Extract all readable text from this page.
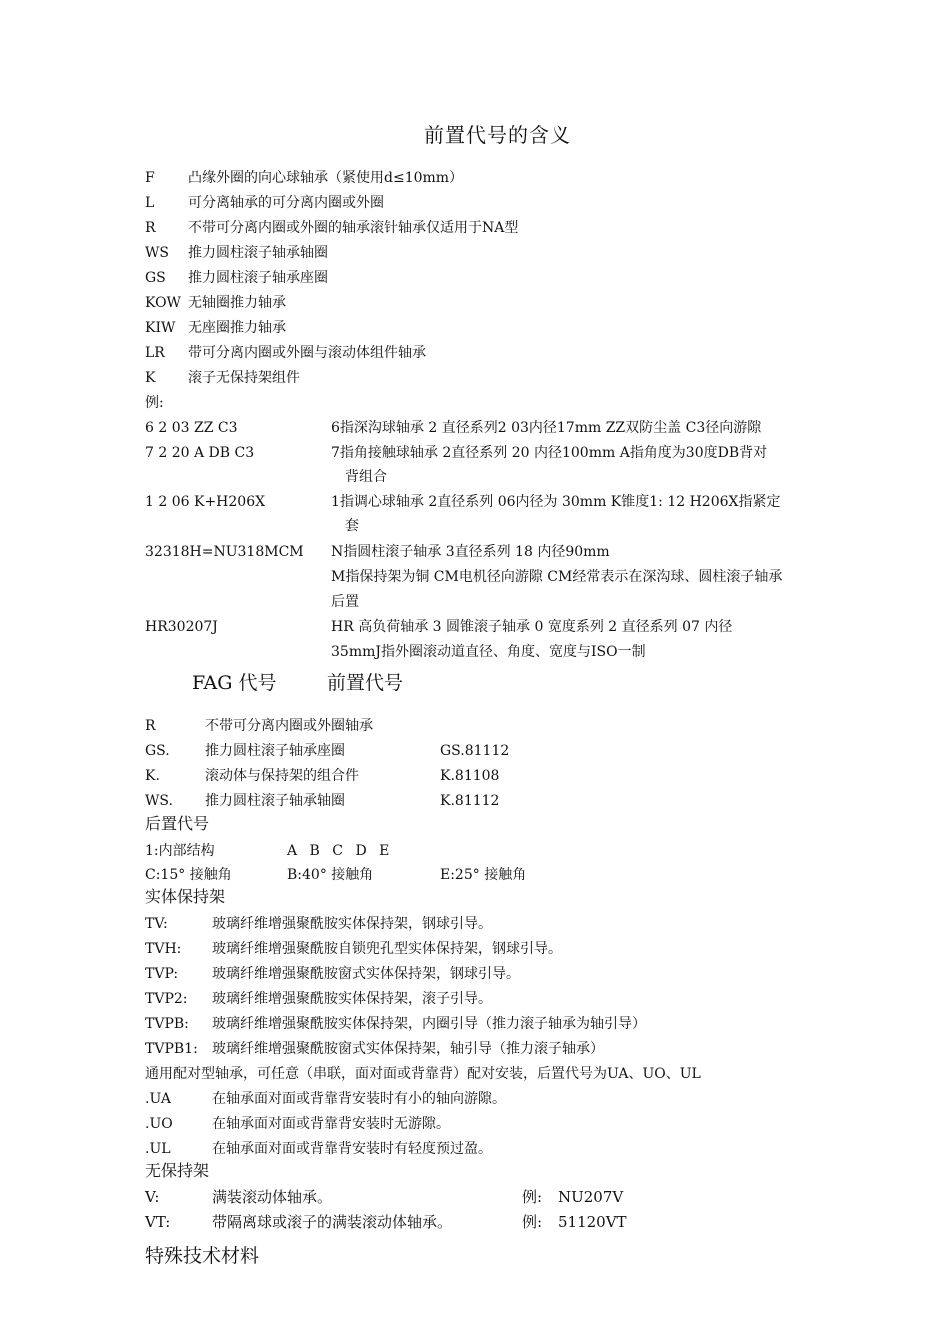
前置代号的含义
F 凸缘外圈的向心球轴承（紧使用d≤10mm）
L 可分离轴承的可分离内圈或外圈
R 不带可分离内圈或外圈的轴承滚针轴承仅适用于NA型
WS 推力圆柱滚子轴承轴圈
GS 推力圆柱滚子轴承座圈
KOW 无轴圈推力轴承
KIW 无座圈推力轴承
LR 带可分离内圈或外圈与滚动体组件轴承
K 滚子无保持架组件
例:
6 2 03 ZZ C3	6指深沟球轴承 2 直径系列2 03内径17mm ZZ双防尘盖 C3径向游隙
7 2 20 A DB C3	7指角接触球轴承 2直径系列 20 内径100mm A指角度为30度DB背对
背组合
1 2 06 K+H206X	1指调心球轴承 2直径系列 06内径为 30mm K锥度1: 12 H206X指紧定
套
32318H=NU318MCM N指圆柱滚子轴承 3直径系列 18 内径90mm
M指保持架为铜 CM电机径向游隙 CM经常表示在深沟球、圆柱滚子轴承
后置
HR30207J	HR 高负荷轴承 3 圆锥滚子轴承 0 宽度系列 2 直径系列 07 内径
35mmJ指外圈滚动道直径、角度、宽度与ISO一制
FAG 代号	前置代号
R	不带可分离内圈或外圈轴承
GS.	推力圆柱滚子轴承座圈	GS.81112
K.	滚动体与保持架的组合件	K.81108
WS. 推力圆柱滚子轴承轴圈	K.81112
后置代号
1:内部结构	A B C D E
C:15° 接触角	B:40° 接触角	E:25° 接触角
实体保持架
TV:	玻璃纤维增强聚酰胺实体保持架，钢球引导。
TVH: 玻璃纤维增强聚酰胺自锁兜孔型实体保持架，钢球引导。
TVP: 玻璃纤维增强聚酰胺窗式实体保持架，钢球引导。
TVP2: 玻璃纤维增强聚酰胺实体保持架，滚子引导。
TVPB: 玻璃纤维增强聚酰胺实体保持架，内圈引导（推力滚子轴承为轴引导）
TVPB1: 玻璃纤维增强聚酰胺窗式实体保持架，轴引导（推力滚子轴承）
通用配对型轴承，可任意（串联，面对面或背靠背）配对安装，后置代号为UA、UO、UL
.UA	在轴承面对面或背靠背安装时有小的轴向游隙。
.UO	在轴承面对面或背靠背安装时无游隙。
.UL	在轴承面对面或背靠背安装时有轻度预过盈。
无保持架
V:	满装滚动体轴承。	例: NU207V
VT:	带隔离球或滚子的满装滚动体轴承。	例: 51120VT
特殊技术材料
